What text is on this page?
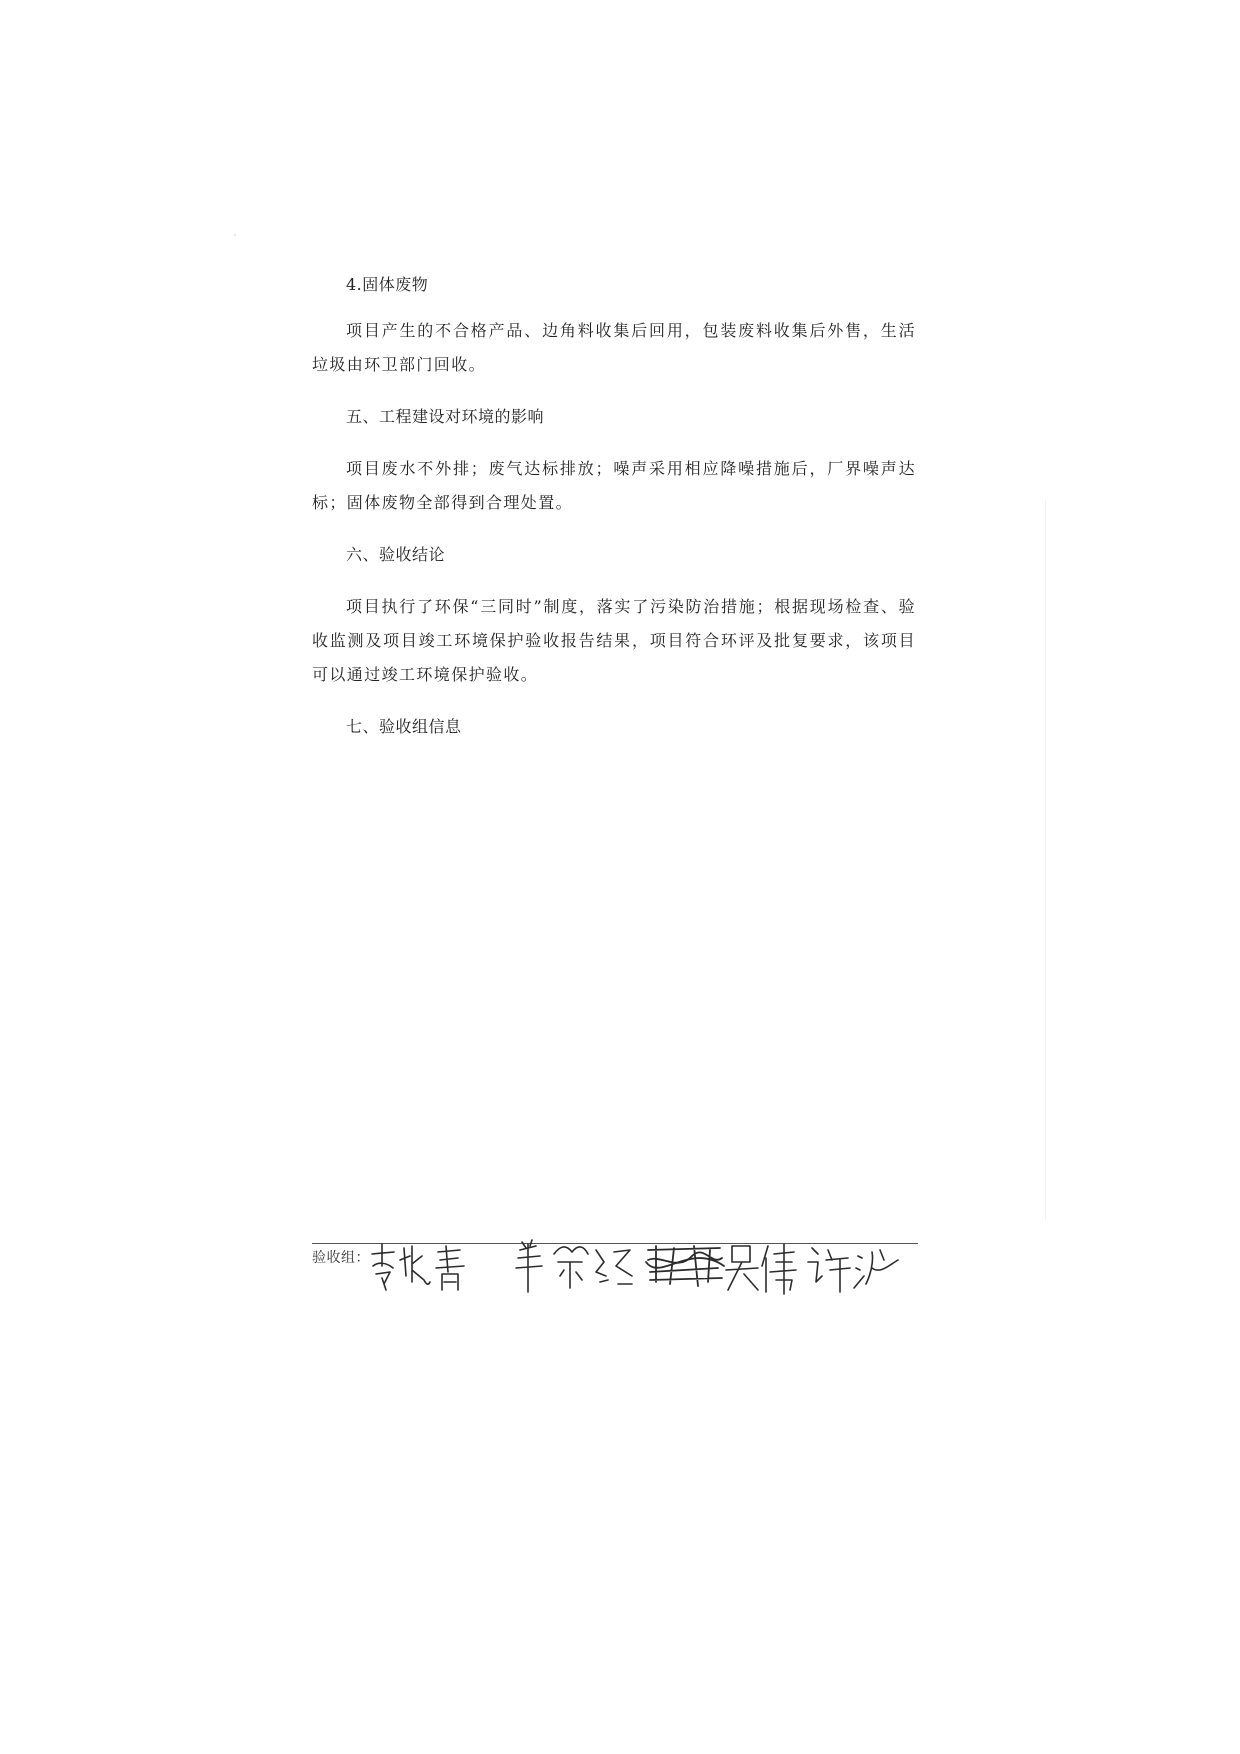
4.固体废物

项目产生的不合格产品、边角料收集后回用，包装废料收集后外售，生活垃圾由环卫部门回收。

五、工程建设对环境的影响

项目废水不外排；废气达标排放；噪声采用相应降噪措施后，厂界噪声达标；固体废物全部得到合理处置。

六、验收结论

项目执行了环保“三同时”制度，落实了污染防治措施；根据现场检查、验收监测及项目竣工环境保护验收报告结果，项目符合环评及批复要求，该项目可以通过竣工环境保护验收。

七、验收组信息

验收组：
